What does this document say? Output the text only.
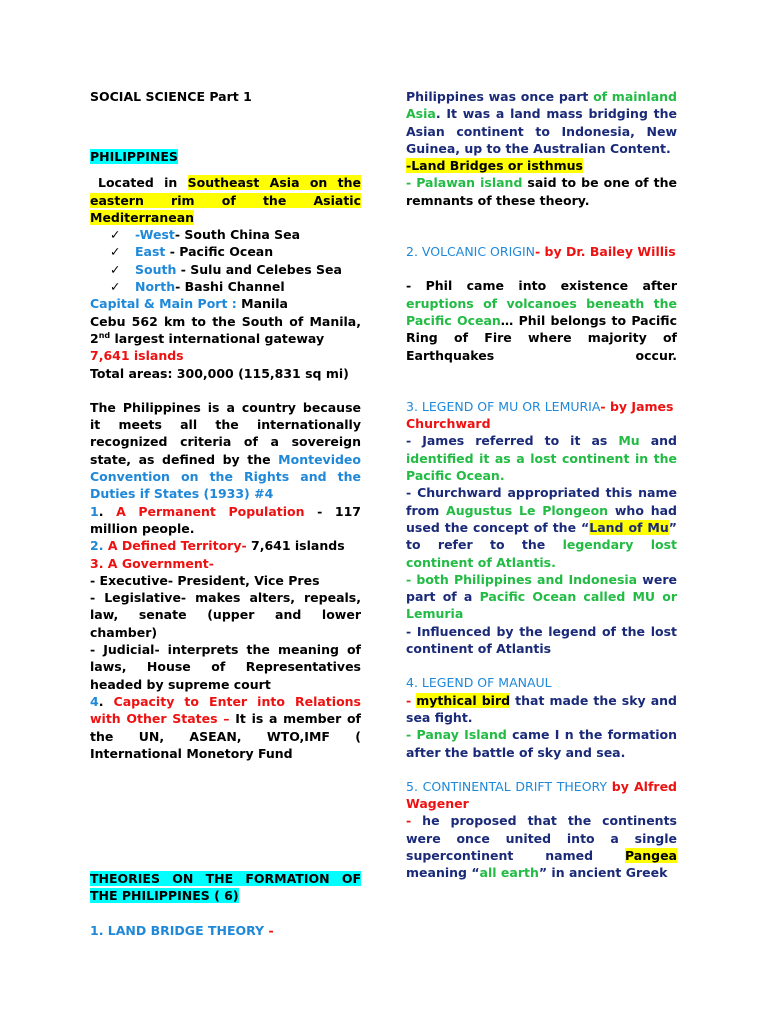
SOCIAL SCIENCE Part 1

PHILIPPINES

Located in Southeast Asia on the

eastern rim of the Asiatic

Mediterranean

✓ -West- South China Sea

✓ East - Pacific Ocean

✓ South - Sulu and Celebes Sea

✓ North- Bashi Channel

Capital & Main Port : Manila

Cebu 562 km to the South of Manila,

2nd largest international gateway

7,641 islands

Total areas: 300,000 (115,831 sq mi)

The Philippines is a country because it meets all the internationally recognized criteria of a sovereign state, as defined by the Montevideo Convention on the Rights and the Duties if States (1933) #4

1. A Permanent Population - 117 million people.

2. A Defined Territory- 7,641 islands

3. A Government-

- Executive- President, Vice Pres

- Legislative- makes alters, repeals, law, senate (upper and lower chamber)

- Judicial- interprets the meaning of laws, House of Representatives headed by supreme court

4. Capacity to Enter into Relations with Other States – It is a member of the UN, ASEAN, WTO,IMF ( International Monetory Fund

THEORIES ON THE FORMATION OF THE PHILIPPINES ( 6)

1. LAND BRIDGE THEORY -

Philippines was once part of mainland Asia. It was a land mass bridging the Asian continent to Indonesia, New Guinea, up to the Australian Content.

-Land Bridges or isthmus

- Palawan island said to be one of the remnants of these theory.

2. VOLCANIC ORIGIN- by Dr. Bailey Willis

- Phil came into existence after eruptions of volcanoes beneath the Pacific Ocean… Phil belongs to Pacific Ring of Fire where majority of Earthquakes occur.

3. LEGEND OF MU OR LEMURIA- by James Churchward

- James referred to it as Mu and identified it as a lost continent in the Pacific Ocean.

- Churchward appropriated this name from Augustus Le Plongeon who had used the concept of the “Land of Mu” to refer to the legendary lost continent of Atlantis.

- both Philippines and Indonesia were part of a Pacific Ocean called MU or Lemuria

- Influenced by the legend of the lost continent of Atlantis

4. LEGEND OF MANAUL

- mythical bird that made the sky and sea fight.

- Panay Island came I n the formation after the battle of sky and sea.

5. CONTINENTAL DRIFT THEORY by Alfred Wagener

- he proposed that the continents were once united into a single supercontinent named Pangea meaning “all earth” in ancient Greek
